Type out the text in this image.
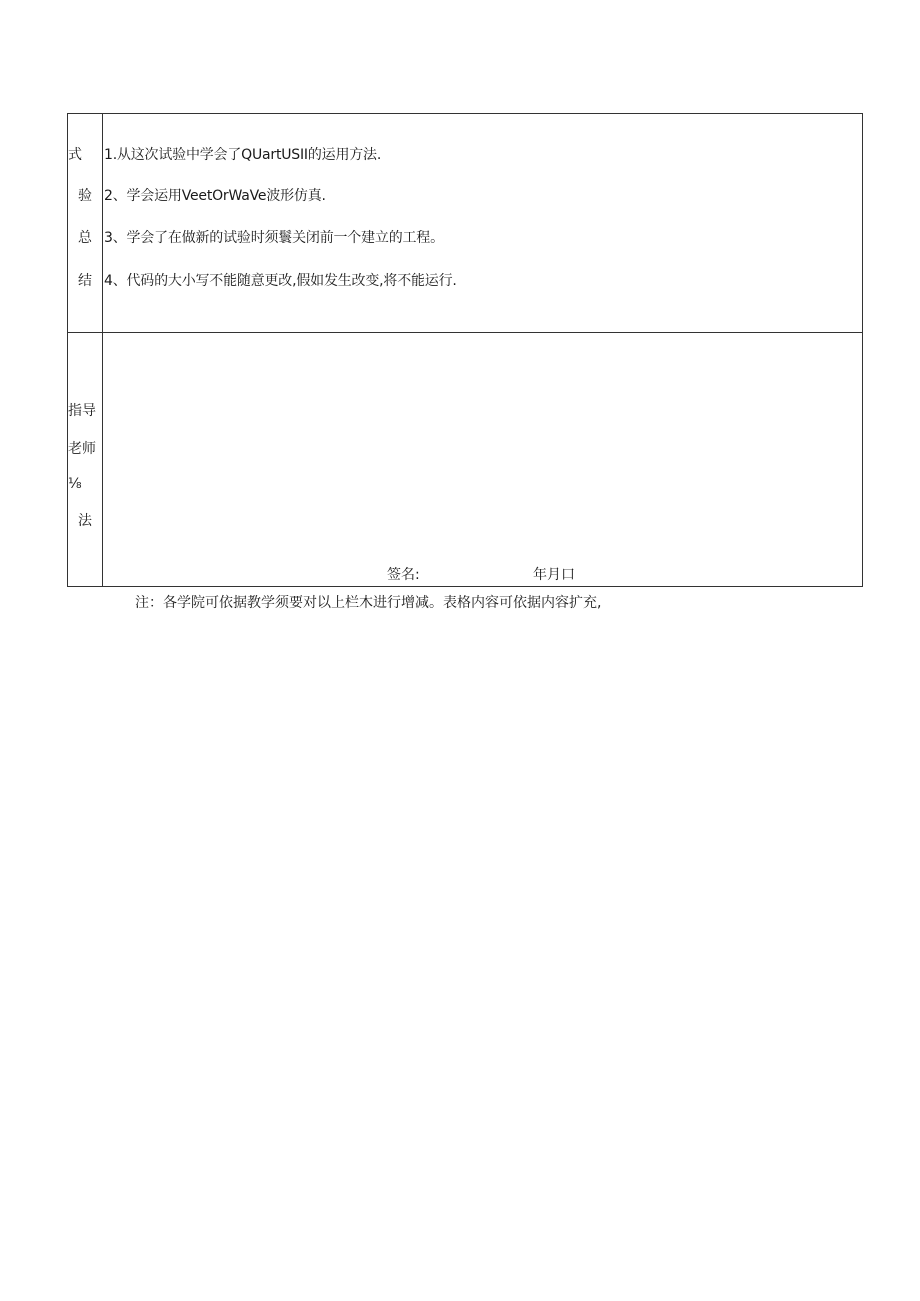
式
验
总
结
1.从这次试验中学会了QUartUSII的运用方法.
2、学会运用VeetOrWaVe波形仿真.
3、学会了在做新的试验时须鬟关闭前一个建立的工程。
4、代码的大小写不能随意更改,假如发生改变,将不能运行.
指导
老师
⅛
法
签名:	年月口
注：各学院可依据教学须要对以上栏木进行增减。表格内容可依据内容扩充,
